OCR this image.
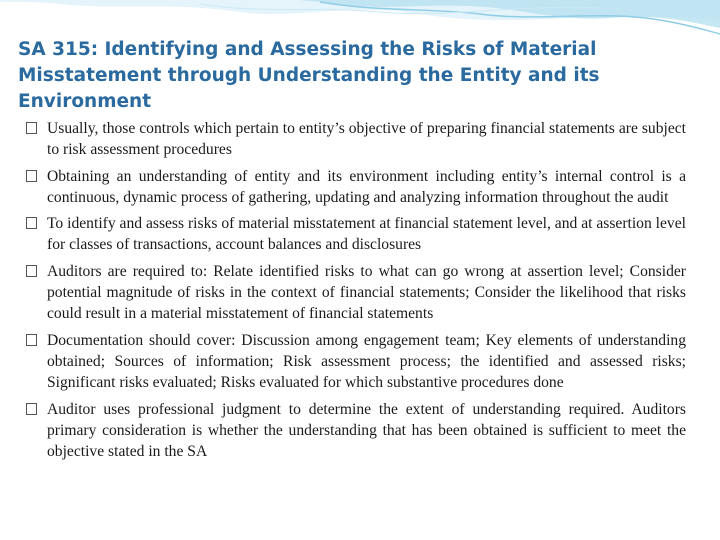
SA 315: Identifying and Assessing the Risks of Material
Misstatement through Understanding the Entity and its
Environment
Usually, those controls which pertain to entity’s objective of preparing financial statements are subject to risk assessment procedures
Obtaining an understanding of entity and its environment including entity’s internal control is a continuous, dynamic process of gathering, updating and analyzing information throughout the audit
To identify and assess risks of material misstatement at financial statement level, and at assertion level for classes of transactions, account balances and disclosures
Auditors are required to: Relate identified risks to what can go wrong at assertion level; Consider potential magnitude of risks in the context of financial statements; Consider the likelihood that risks could result in a material misstatement of financial statements
Documentation should cover: Discussion among engagement team; Key elements of understanding obtained; Sources of information; Risk assessment process; the identified and assessed risks; Significant risks evaluated; Risks evaluated for which substantive procedures done
Auditor uses professional judgment to determine the extent of understanding required. Auditors primary consideration is whether the understanding that has been obtained is sufficient to meet the objective stated in the SA
